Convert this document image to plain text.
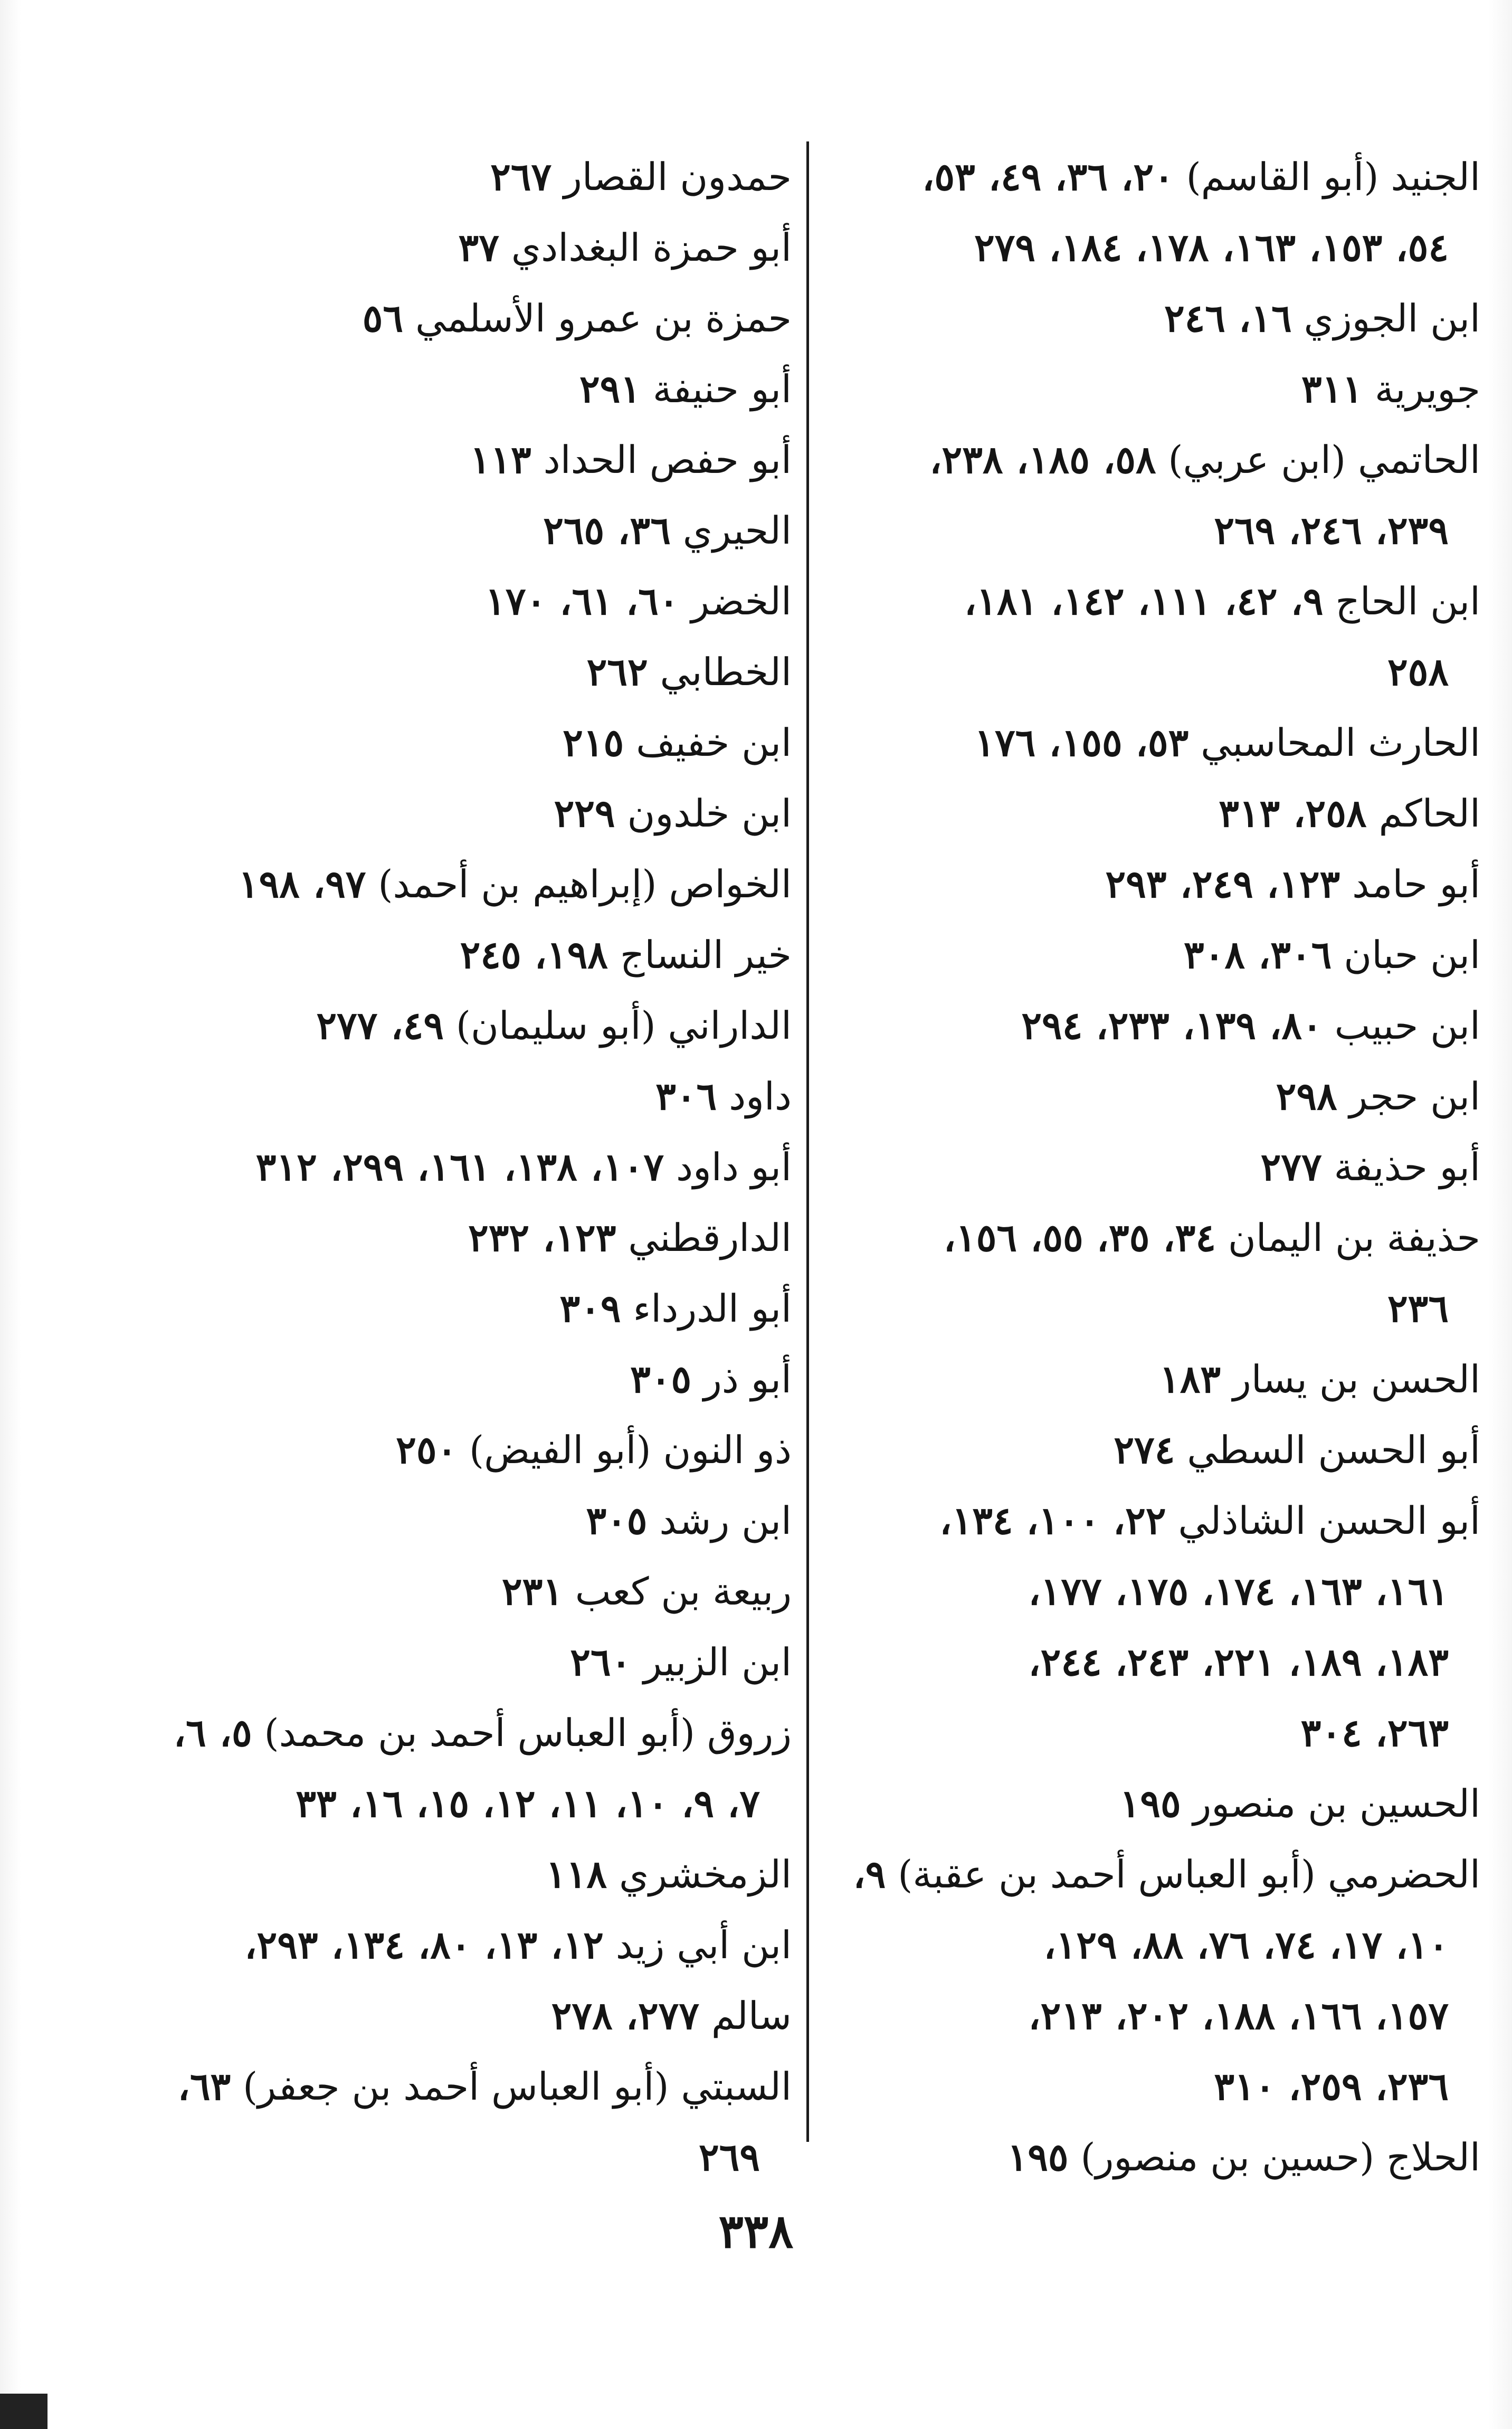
الجنيد (أبو القاسم) ٢٠، ٣٦، ٤٩، ٥٣،
٥٤، ١٥٣، ١٦٣، ١٧٨، ١٨٤، ٢٧٩
ابن الجوزي ١٦، ٢٤٦
جويرية ٣١١
الحاتمي (ابن عربي) ٥٨، ١٨٥، ٢٣٨،
٢٣٩، ٢٤٦، ٢٦٩
ابن الحاج ٩، ٤٢، ١١١، ١٤٢، ١٨١،
٢٥٨
الحارث المحاسبي ٥٣، ١٥٥، ١٧٦
الحاكم ٢٥٨، ٣١٣
أبو حامد ١٢٣، ٢٤٩، ٢٩٣
ابن حبان ٣٠٦، ٣٠٨
ابن حبيب ٨٠، ١٣٩، ٢٣٣، ٢٩٤
ابن حجر ٢٩٨
أبو حذيفة ٢٧٧
حذيفة بن اليمان ٣٤، ٣٥، ٥٥، ١٥٦،
٢٣٦
الحسن بن يسار ١٨٣
أبو الحسن السطي ٢٧٤
أبو الحسن الشاذلي ٢٢، ١٠٠، ١٣٤،
١٦١، ١٦٣، ١٧٤، ١٧٥، ١٧٧،
١٨٣، ١٨٩، ٢٢١، ٢٤٣، ٢٤٤،
٢٦٣، ٣٠٤
الحسين بن منصور ١٩٥
الحضرمي (أبو العباس أحمد بن عقبة) ٩،
١٠، ١٧، ٧٤، ٧٦، ٨٨، ١٢٩،
١٥٧، ١٦٦، ١٨٨، ٢٠٢، ٢١٣،
٢٣٦، ٢٥٩، ٣١٠
الحلاج (حسين بن منصور) ١٩٥
حمدون القصار ٢٦٧
أبو حمزة البغدادي ٣٧
حمزة بن عمرو الأسلمي ٥٦
أبو حنيفة ٢٩١
أبو حفص الحداد ١١٣
الحيري ٣٦، ٢٦٥
الخضر ٦٠، ٦١، ١٧٠
الخطابي ٢٦٢
ابن خفيف ٢١٥
ابن خلدون ٢٢٩
الخواص (إبراهيم بن أحمد) ٩٧، ١٩٨
خير النساج ١٩٨، ٢٤٥
الداراني (أبو سليمان) ٤٩، ٢٧٧
داود ٣٠٦
أبو داود ١٠٧، ١٣٨، ١٦١، ٢٩٩، ٣١٢
الدارقطني ١٢٣، ٢٣٢
أبو الدرداء ٣٠٩
أبو ذر ٣٠٥
ذو النون (أبو الفيض) ٢٥٠
ابن رشد ٣٠٥
ربيعة بن كعب ٢٣١
ابن الزبير ٢٦٠
زروق (أبو العباس أحمد بن محمد) ٥، ٦،
٧، ٩، ١٠، ١١، ١٢، ١٥، ١٦، ٣٣
الزمخشري ١١٨
ابن أبي زيد ١٢، ١٣، ٨٠، ١٣٤، ٢٩٣،
سالم ٢٧٧، ٢٧٨
السبتي (أبو العباس أحمد بن جعفر) ٦٣،
٢٦٩
٣٣٨
